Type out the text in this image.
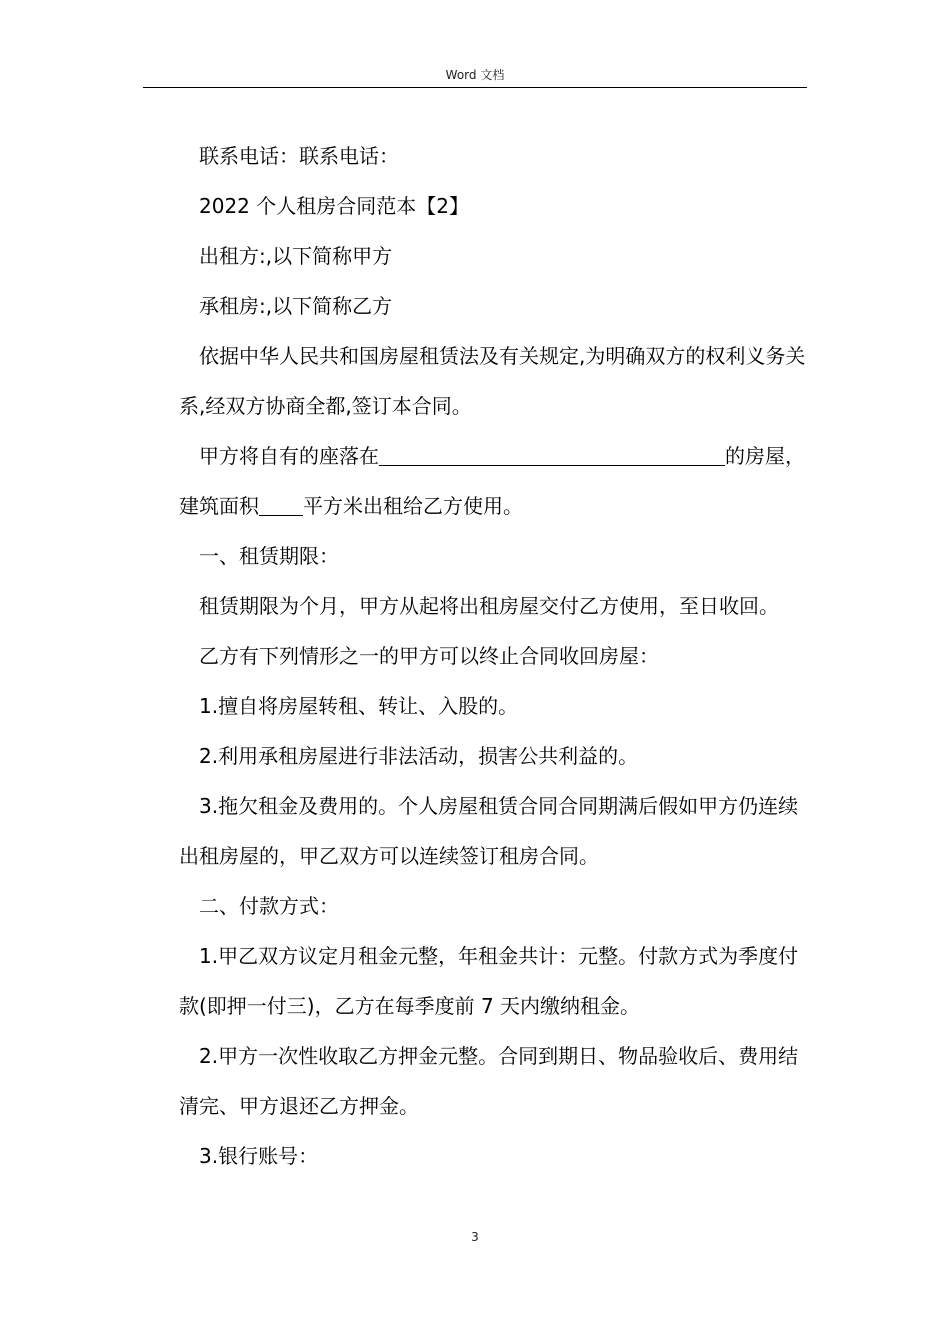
Word 文档

联系电话：联系电话：

2022 个人租房合同范本【2】

出租方:,以下简称甲方

承租房:,以下简称乙方

依据中华人民共和国房屋租赁法及有关规定,为明确双方的权利义务关系,经双方协商全都,签订本合同。

甲方将自有的座落在	的房屋，建筑面积 平方米出租给乙方使用。

一、租赁期限：

租赁期限为个月，甲方从起将出租房屋交付乙方使用，至日收回。

乙方有下列情形之一的甲方可以终止合同收回房屋：

1.擅自将房屋转租、转让、入股的。

2.利用承租房屋进行非法活动，损害公共利益的。

3.拖欠租金及费用的。个人房屋租赁合同合同期满后假如甲方仍连续出租房屋的，甲乙双方可以连续签订租房合同。

二、付款方式：

1.甲乙双方议定月租金元整，年租金共计：元整。付款方式为季度付款(即押一付三)，乙方在每季度前 7 天内缴纳租金。

2.甲方一次性收取乙方押金元整。合同到期日、物品验收后、费用结清完、甲方退还乙方押金。

3.银行账号：

3
